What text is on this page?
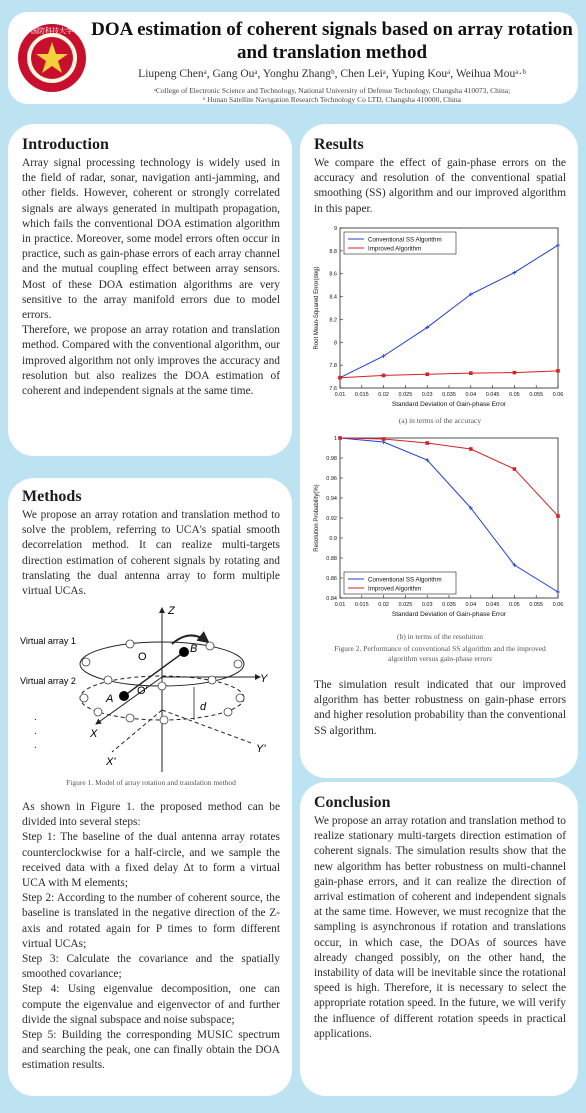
国防科技大学 DOA estimation of coherent signals based on array rotation and translation method
Liupeng Chenᵃ, Gang Ouᵃ, Yonghu Zhangᵇ, Chen Leiᵃ, Yuping Kouᵃ, Weihua Mouᵃ·ᵇ
ᵃCollege of Electronic Science and Technology, National University of Defense Technology, Changsha 410073, China;
ᵇ Hunan Satellite Navigation Research Technology Co LTD, Changsha 410000, China
Introduction
Array signal processing technology is widely used in the field of radar, sonar, navigation anti-jamming, and other fields. However, coherent or strongly correlated signals are always generated in multipath propagation, which fails the conventional DOA estimation algorithm in practice. Moreover, some model errors often occur in practice, such as gain-phase errors of each array channel and the mutual coupling effect between array sensors. Most of these DOA estimation algorithms are very sensitive to the array manifold errors due to model errors.
Therefore, we propose an array rotation and translation method. Compared with the conventional algorithm, our improved algorithm not only improves the accuracy and resolution but also realizes the DOA estimation of coherent and independent signals at the same time.
Methods
We propose an array rotation and translation method to solve the problem, referring to UCA's spatial smooth decorrelation method. It can realize multi-targets direction estimation of coherent signals by rotating and translating the dual antenna array to form multiple virtual UCAs.
Z
Y
Y'
X
X'
O
O'
B
A
d
Virtual array 1
Virtual array 2
.
.
.
Figure 1. Model of array rotation and translation method
As shown in Figure 1. the proposed method can be divided into several steps:
Step 1: The baseline of the dual antenna array rotates counterclockwise for a half-circle, and we sample the received data with a fixed delay Δt to form a virtual UCA with M elements;
Step 2: According to the number of coherent source, the baseline is translated in the negative direction of the Z-axis and rotated again for P times to form different virtual UCAs;
Step 3: Calculate the covariance and the spatially smoothed covariance;
Step 4: Using eigenvalue decomposition, one can compute the eigenvalue and eigenvector of and further divide the signal subspace and noise subspace;
Step 5: Building the corresponding MUSIC spectrum and searching the peak, one can finally obtain the DOA estimation results.
Results
We compare the effect of gain-phase errors on the accuracy and resolution of the conventional spatial smoothing (SS) algorithm and our improved algorithm in this paper.
0.01 0.015 0.02 0.025 0.03 0.035 0.04 0.045 0.05 0.055 0.06
7.6
7.8
8
8.2
8.4
8.6
8.8
9
Standard Deviation of Gain-phase Error
Root Mean-Squared Error(deg)
Conventional SS Algorithm
Improved Algorithm
(a) in terms of the accuracy
0.01 0.015 0.02 0.025 0.03 0.035 0.04 0.045 0.05 0.055 0.06
0.84
0.86
0.88
0.9
0.92
0.94
0.96
0.98
1
Standard Deviation of Gain-phase Error
Resolution Probability(%)
Conventional SS Algorithm
Improved Algorithm
(b) in terms of the resolution
Figure 2. Performance of conventional SS algorithm and the improved algorithm versus gain-phase errors
The simulation result indicated that our improved algorithm has better robustness on gain-phase errors and higher resolution probability than the conventional SS algorithm.
Conclusion
We propose an array rotation and translation method to realize stationary multi-targets direction estimation of coherent signals. The simulation results show that the new algorithm has better robustness on multi-channel gain-phase errors, and it can realize the direction of arrival estimation of coherent and independent signals at the same time. However, we must recognize that the sampling is asynchronous if rotation and translations occur, in which case, the DOAs of sources have already changed possibly, on the other hand, the instability of data will be inevitable since the rotational speed is high. Therefore, it is necessary to select the appropriate rotation speed. In the future, we will verify the influence of different rotation speeds in practical applications.
